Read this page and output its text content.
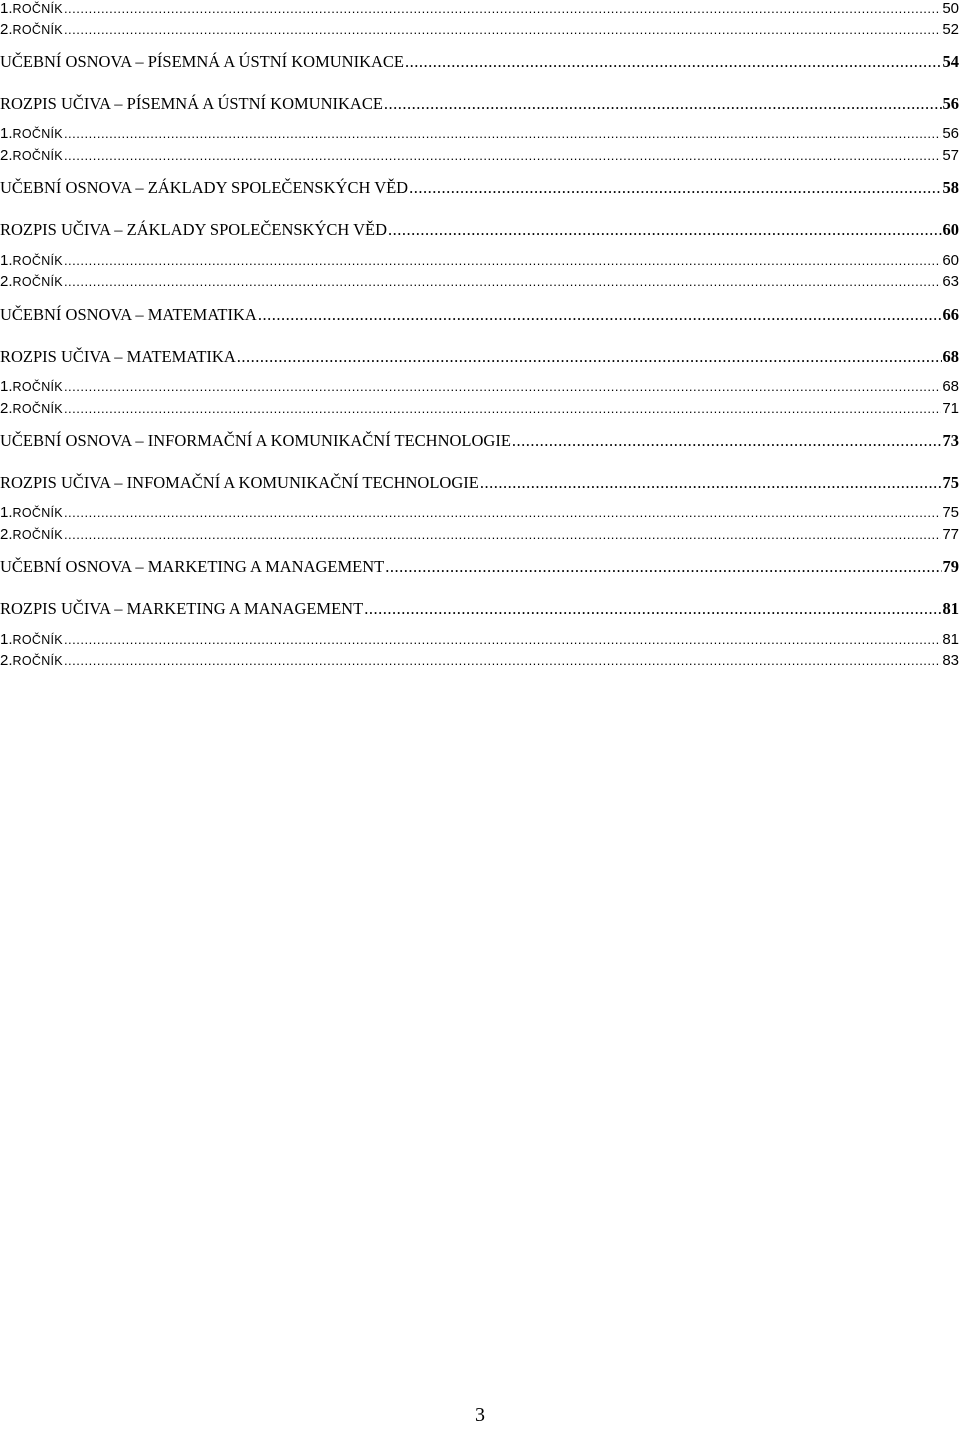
1.ROČNÍK .....	50
2.ROČNÍK .....	52
UČEBNÍ OSNOVA – PÍSEMNÁ A ÚSTNÍ KOMUNIKACE .....	54
ROZPIS UČIVA – PÍSEMNÁ A ÚSTNÍ KOMUNIKACE .....	56
1.ROČNÍK .....	56
2.ROČNÍK .....	57
UČEBNÍ OSNOVA – ZÁKLADY SPOLEČENSKÝCH VĚD .....	58
ROZPIS UČIVA – ZÁKLADY SPOLEČENSKÝCH VĚD .....	60
1.ROČNÍK .....	60
2.ROČNÍK .....	63
UČEBNÍ OSNOVA – MATEMATIKA .....	66
ROZPIS UČIVA – MATEMATIKA .....	68
1.ROČNÍK .....	68
2.ROČNÍK .....	71
UČEBNÍ OSNOVA – INFORMAČNÍ A KOMUNIKAČNÍ TECHNOLOGIE .....	73
ROZPIS UČIVA – INFOMAČNÍ A KOMUNIKAČNÍ TECHNOLOGIE .....	75
1.ROČNÍK .....	75
2.ROČNÍK .....	77
UČEBNÍ OSNOVA – MARKETING A MANAGEMENT .....	79
ROZPIS UČIVA – MARKETING A MANAGEMENT .....	81
1.ROČNÍK .....	81
2.ROČNÍK .....	83
3
